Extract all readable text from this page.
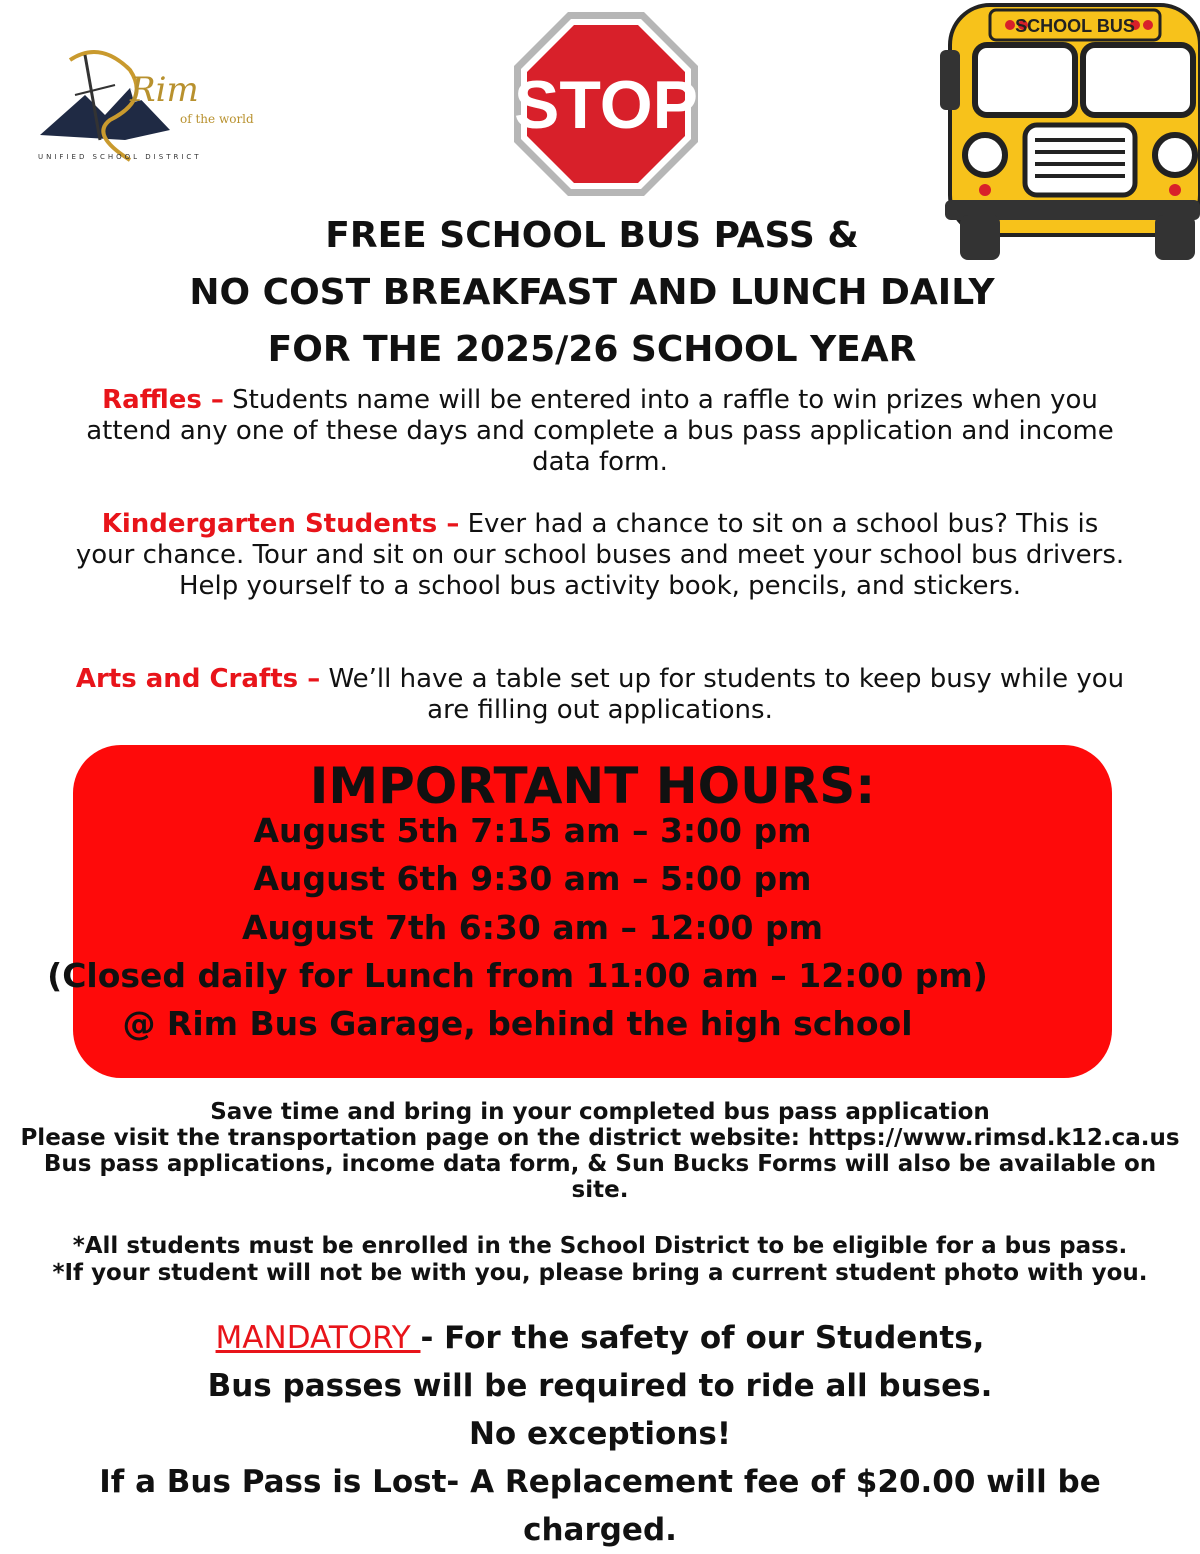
Rim
of the world
UNIFIED SCHOOL DISTRICT
STOP
SCHOOL BUS
FREE SCHOOL BUS PASS &
NO COST BREAKFAST AND LUNCH DAILY
FOR THE 2025/26 SCHOOL YEAR
Raffles – Students name will be entered into a raffle to win prizes when you attend any one of these days and complete a bus pass application and income data form.
Kindergarten Students – Ever had a chance to sit on a school bus? This is your chance. Tour and sit on our school buses and meet your school bus drivers. Help yourself to a school bus activity book, pencils, and stickers.
Arts and Crafts – We’ll have a table set up for students to keep busy while you are filling out applications.
IMPORTANT HOURS:
August 5th 7:15 am – 3:00 pm
August 6th 9:30 am – 5:00 pm
August 7th 6:30 am – 12:00 pm
(Closed daily for Lunch from 11:00 am – 12:00 pm)
@ Rim Bus Garage, behind the high school
Save time and bring in your completed bus pass application
Please visit the transportation page on the district website: https://www.rimsd.k12.ca.us
Bus pass applications, income data form, & Sun Bucks Forms will also be available on site.
*All students must be enrolled in the School District to be eligible for a bus pass.
*If your student will not be with you, please bring a current student photo with you.
MANDATORY - For the safety of our Students,
Bus passes will be required to ride all buses.
No exceptions!
If a Bus Pass is Lost- A Replacement fee of $20.00 will be charged.
